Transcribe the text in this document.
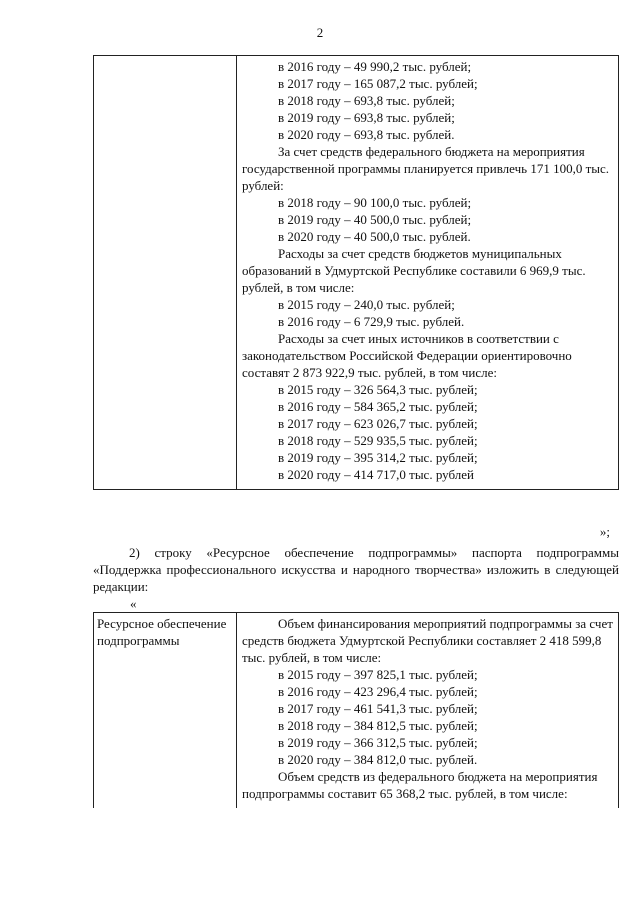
2

в 2016 году – 49 990,2 тыс. рублей;

в 2017 году – 165 087,2 тыс. рублей;

в 2018 году – 693,8 тыс. рублей;

в 2019 году – 693,8 тыс. рублей;

в 2020 году – 693,8 тыс. рублей.

За счет средств федерального бюджета на мероприятия государственной программы планируется привлечь 171 100,0 тыс. рублей:

в 2018 году – 90 100,0 тыс. рублей;

в 2019 году – 40 500,0 тыс. рублей;

в 2020 году – 40 500,0 тыс. рублей.

Расходы за счет средств бюджетов муниципальных образований в Удмуртской Республике составили 6 969,9 тыс. рублей, в том числе:

в 2015 году – 240,0 тыс. рублей;

в 2016 году – 6 729,9 тыс. рублей.

Расходы за счет иных источников в соответствии с законодательством Российской Федерации ориентировочно составят 2 873 922,9 тыс. рублей, в том числе:

в 2015 году – 326 564,3 тыс. рублей;

в 2016 году – 584 365,2 тыс. рублей;

в 2017 году – 623 026,7 тыс. рублей;

в 2018 году – 529 935,5 тыс. рублей;

в 2019 году – 395 314,2 тыс. рублей;

в 2020 году – 414 717,0 тыс. рублей

»;

2) строку «Ресурсное обеспечение подпрограммы» паспорта подпрограммы «Поддержка профессионального искусства и народного творчества» изложить в следующей редакции:

«
Ресурсное обеспечение подпрограммы	

Объем финансирования мероприятий подпрограммы за счет средств бюджета Удмуртской Республики составляет 2 418 599,8 тыс. рублей, в том числе:

в 2015 году – 397 825,1 тыс. рублей;

в 2016 году – 423 296,4 тыс. рублей;

в 2017 году – 461 541,3 тыс. рублей;

в 2018 году – 384 812,5 тыс. рублей;

в 2019 году – 366 312,5 тыс. рублей;

в 2020 году – 384 812,0 тыс. рублей.

Объем средств из федерального бюджета на мероприятия подпрограммы составит 65 368,2 тыс. рублей, в том числе:
